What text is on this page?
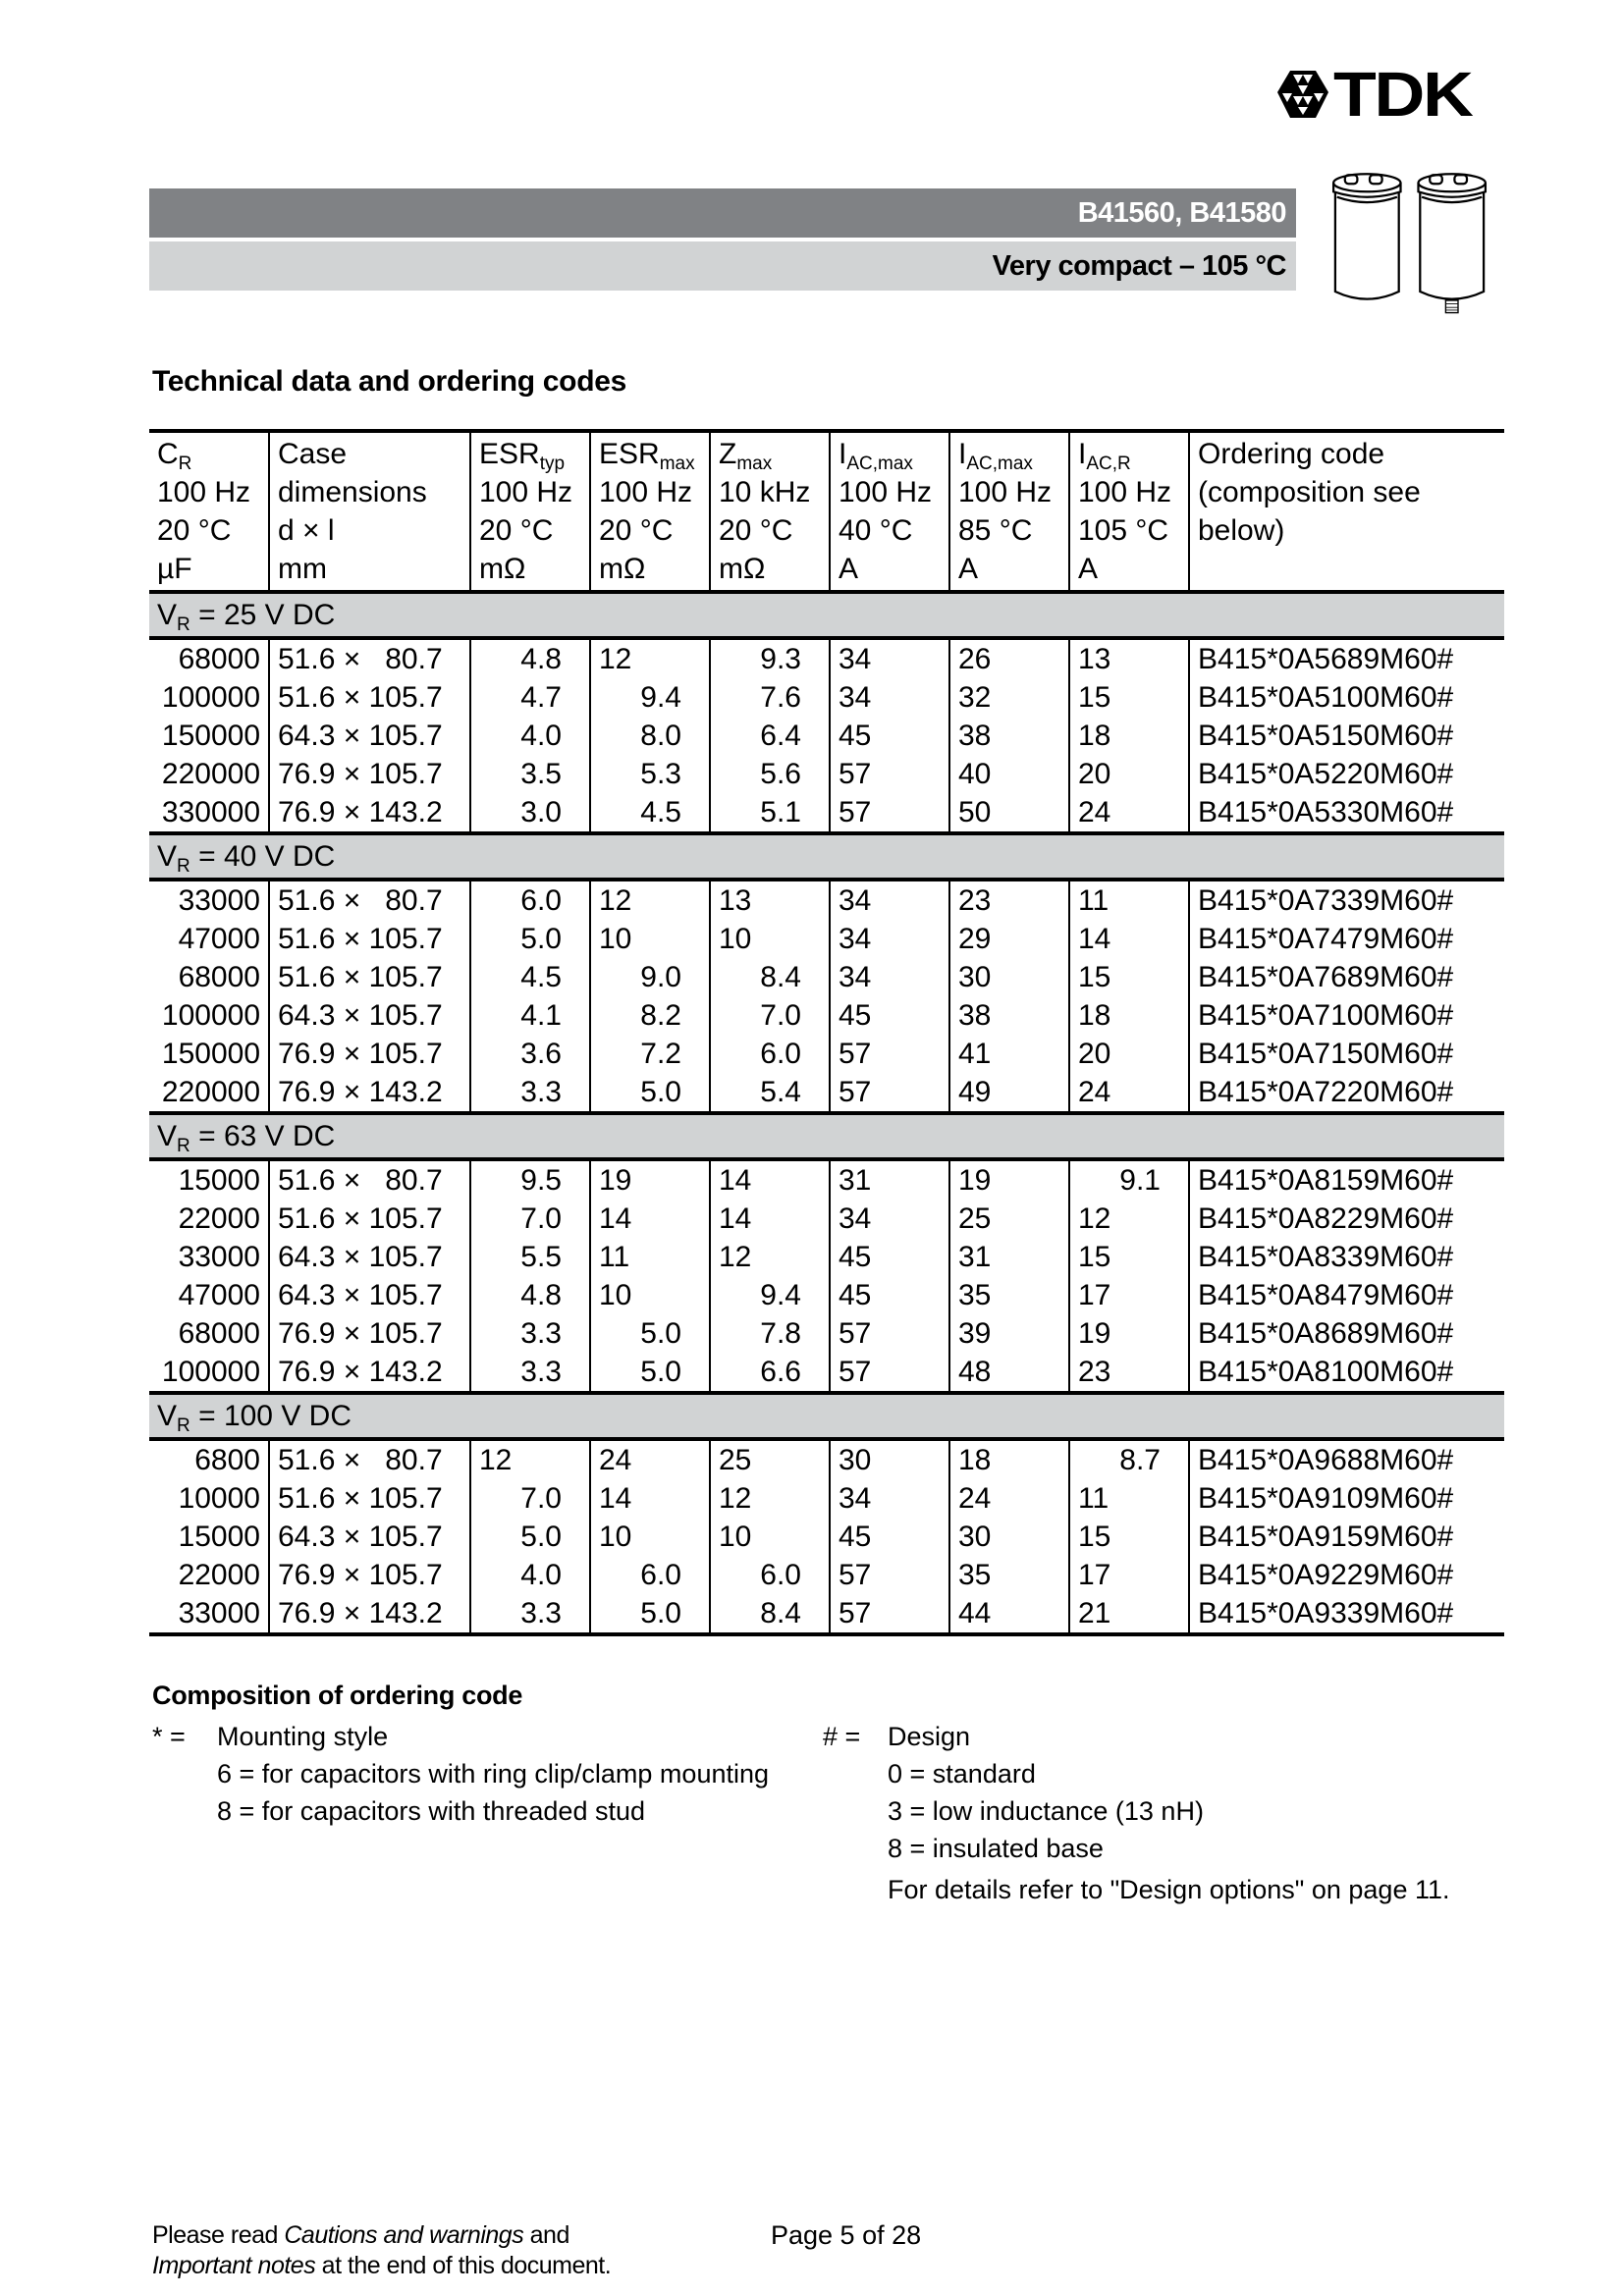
TDK
B41560, B41580
Very compact – 105 °C
Technical data and ordering codes
$C_R$	Case	$ESR_{typ}$	$ESR_{max}$	$Z_{max}$	$I_{AC,max}$	$I_{AC,max}$	$I_{AC,R}$	Ordering code
100 Hz	dimensions	100 Hz	100 Hz	10 kHz	100 Hz	100 Hz	100 Hz	(composition see
20 °C	d × l	20 °C	20 °C	20 °C	40 °C	85 °C	105 °C	below)
µF	mm	mΩ	mΩ	mΩ	A	A	A	
$V_R = 25$ V DC								
68000	51.6 ×   80.7	4.8	12	9.3	34	26	13	B415*0A5689M60#
100000	51.6 × 105.7	4.7	9.4	7.6	34	32	15	B415*0A5100M60#
150000	64.3 × 105.7	4.0	8.0	6.4	45	38	18	B415*0A5150M60#
220000	76.9 × 105.7	3.5	5.3	5.6	57	40	20	B415*0A5220M60#
330000	76.9 × 143.2	3.0	4.5	5.1	57	50	24	B415*0A5330M60#
$V_R = 40$ V DC								
33000	51.6 ×   80.7	6.0	12	13	34	23	11	B415*0A7339M60#
47000	51.6 × 105.7	5.0	10	10	34	29	14	B415*0A7479M60#
68000	51.6 × 105.7	4.5	9.0	8.4	34	30	15	B415*0A7689M60#
100000	64.3 × 105.7	4.1	8.2	7.0	45	38	18	B415*0A7100M60#
150000	76.9 × 105.7	3.6	7.2	6.0	57	41	20	B415*0A7150M60#
220000	76.9 × 143.2	3.3	5.0	5.4	57	49	24	B415*0A7220M60#
$V_R = 63$ V DC								
15000	51.6 ×   80.7	9.5	19	14	31	19	9.1	B415*0A8159M60#
22000	51.6 × 105.7	7.0	14	14	34	25	12	B415*0A8229M60#
33000	64.3 × 105.7	5.5	11	12	45	31	15	B415*0A8339M60#
47000	64.3 × 105.7	4.8	10	9.4	45	35	17	B415*0A8479M60#
68000	76.9 × 105.7	3.3	5.0	7.8	57	39	19	B415*0A8689M60#
100000	76.9 × 143.2	3.3	5.0	6.6	57	48	23	B415*0A8100M60#
$V_R = 100$ V DC								
6800	51.6 ×   80.7	12	24	25	30	18	8.7	B415*0A9688M60#
10000	51.6 × 105.7	7.0	14	12	34	24	11	B415*0A9109M60#
15000	64.3 × 105.7	5.0	10	10	45	30	15	B415*0A9159M60#
22000	76.9 × 105.7	4.0	6.0	6.0	57	35	17	B415*0A9229M60#
33000	76.9 × 143.2	3.3	5.0	8.4	57	44	21	B415*0A9339M60#
Composition of ordering code
* =	Mounting style
6 = for capacitors with ring clip/clamp mounting
8 = for capacitors with threaded stud
# =	Design
0 = standard
3 = low inductance (13 nH)
8 = insulated base
For details refer to "Design options" on page 11.
Please read Cautions and warnings and
Important notes at the end of this document.
Page 5 of 28
